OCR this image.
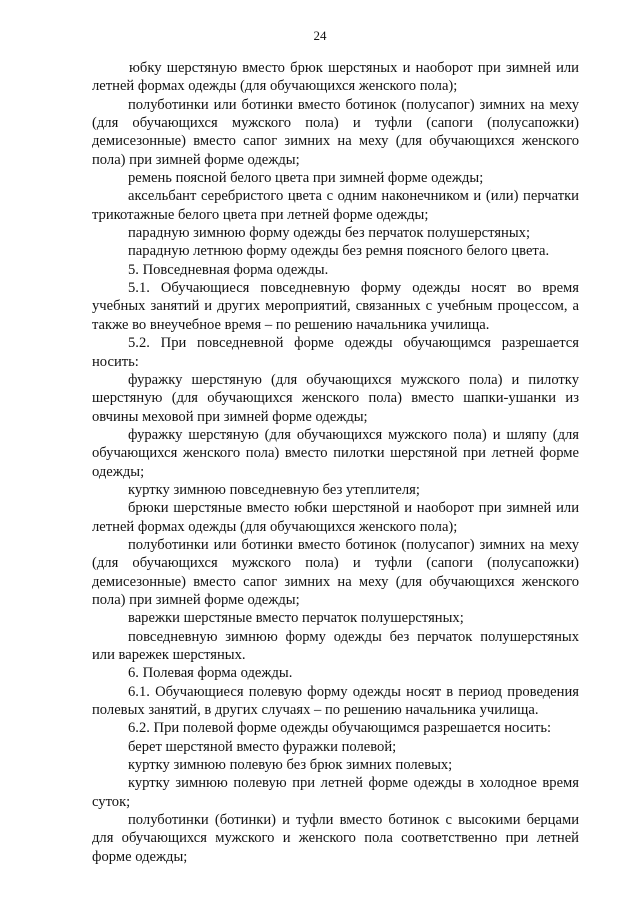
24

юбку шерстяную вместо брюк шерстяных и наоборот при зимней или летней формах одежды (для обучающихся женского пола);

полуботинки или ботинки вместо ботинок (полусапог) зимних на меху (для обучающихся мужского пола) и туфли (сапоги (полусапожки) демисезонные) вместо сапог зимних на меху (для обучающихся женского пола) при зимней форме одежды;

ремень поясной белого цвета при зимней форме одежды;

аксельбант серебристого цвета с одним наконечником и (или) перчатки трикотажные белого цвета при летней форме одежды;

парадную зимнюю форму одежды без перчаток полушерстяных;

парадную летнюю форму одежды без ремня поясного белого цвета.

5. Повседневная форма одежды.

5.1. Обучающиеся повседневную форму одежды носят во время учебных занятий и других мероприятий, связанных с учебным процессом, а также во внеучебное время – по решению начальника училища.

5.2. При повседневной форме одежды обучающимся разрешается носить:

фуражку шерстяную (для обучающихся мужского пола) и пилотку шерстяную (для обучающихся женского пола) вместо шапки-ушанки из овчины меховой при зимней форме одежды;

фуражку шерстяную (для обучающихся мужского пола) и шляпу (для обучающихся женского пола) вместо пилотки шерстяной при летней форме одежды;

куртку зимнюю повседневную без утеплителя;

брюки шерстяные вместо юбки шерстяной и наоборот при зимней или летней формах одежды (для обучающихся женского пола);

полуботинки или ботинки вместо ботинок (полусапог) зимних на меху (для обучающихся мужского пола) и туфли (сапоги (полусапожки) демисезонные) вместо сапог зимних на меху (для обучающихся женского пола) при зимней форме одежды;

варежки шерстяные вместо перчаток полушерстяных;

повседневную зимнюю форму одежды без перчаток полушерстяных или варежек шерстяных.

6. Полевая форма одежды.

6.1. Обучающиеся полевую форму одежды носят в период проведения полевых занятий, в других случаях – по решению начальника училища.

6.2. При полевой форме одежды обучающимся разрешается носить:

берет шерстяной вместо фуражки полевой;

куртку зимнюю полевую без брюк зимних полевых;

куртку зимнюю полевую при летней форме одежды в холодное время суток;

полуботинки (ботинки) и туфли вместо ботинок с высокими берцами для обучающихся мужского и женского пола соответственно при летней форме одежды;
